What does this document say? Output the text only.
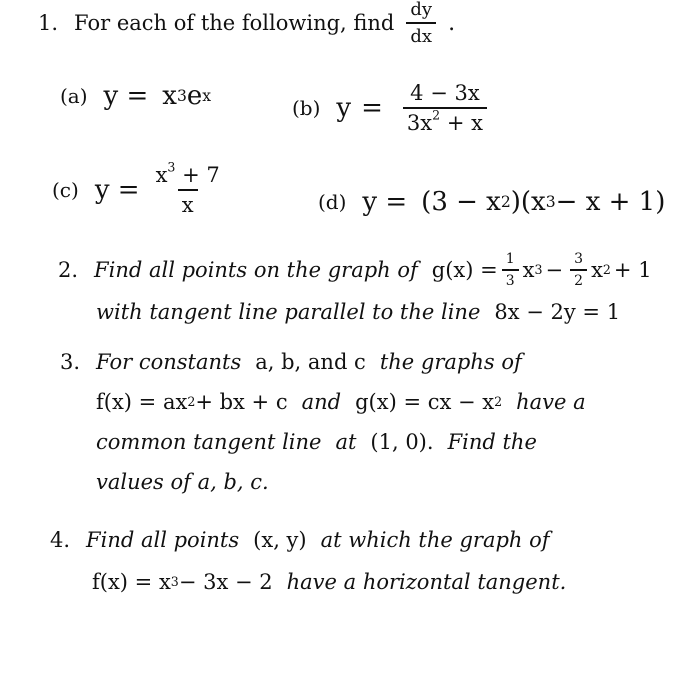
1. For each of the following, find $\frac{dy}{dx}$ .
(a) y = x 3 e x	(b) $y = \frac{4 - 3x}{3x^2 + x}$
(c) $y = \frac{x^3 + 7}{x}$	(d) y = (3 − x 2 )(x 3 − x + 1)
2. Find all points on the graph of $g(x) = \frac{1}{3}$ x $3 - \frac{3}{2}$ x 2 + 1
with tangent line parallel to the line 8x − 2y = 1
3. For constants a, b, and c the graphs of
f(x) = ax 2 + bx + c and g(x) = cx − x 2 have a
common tangent line at (1, 0). Find the
values of a, b, c.
4. Find all points (x, y) at which the graph of
f(x) = x 3 − 3x − 2 have a horizontal tangent.
